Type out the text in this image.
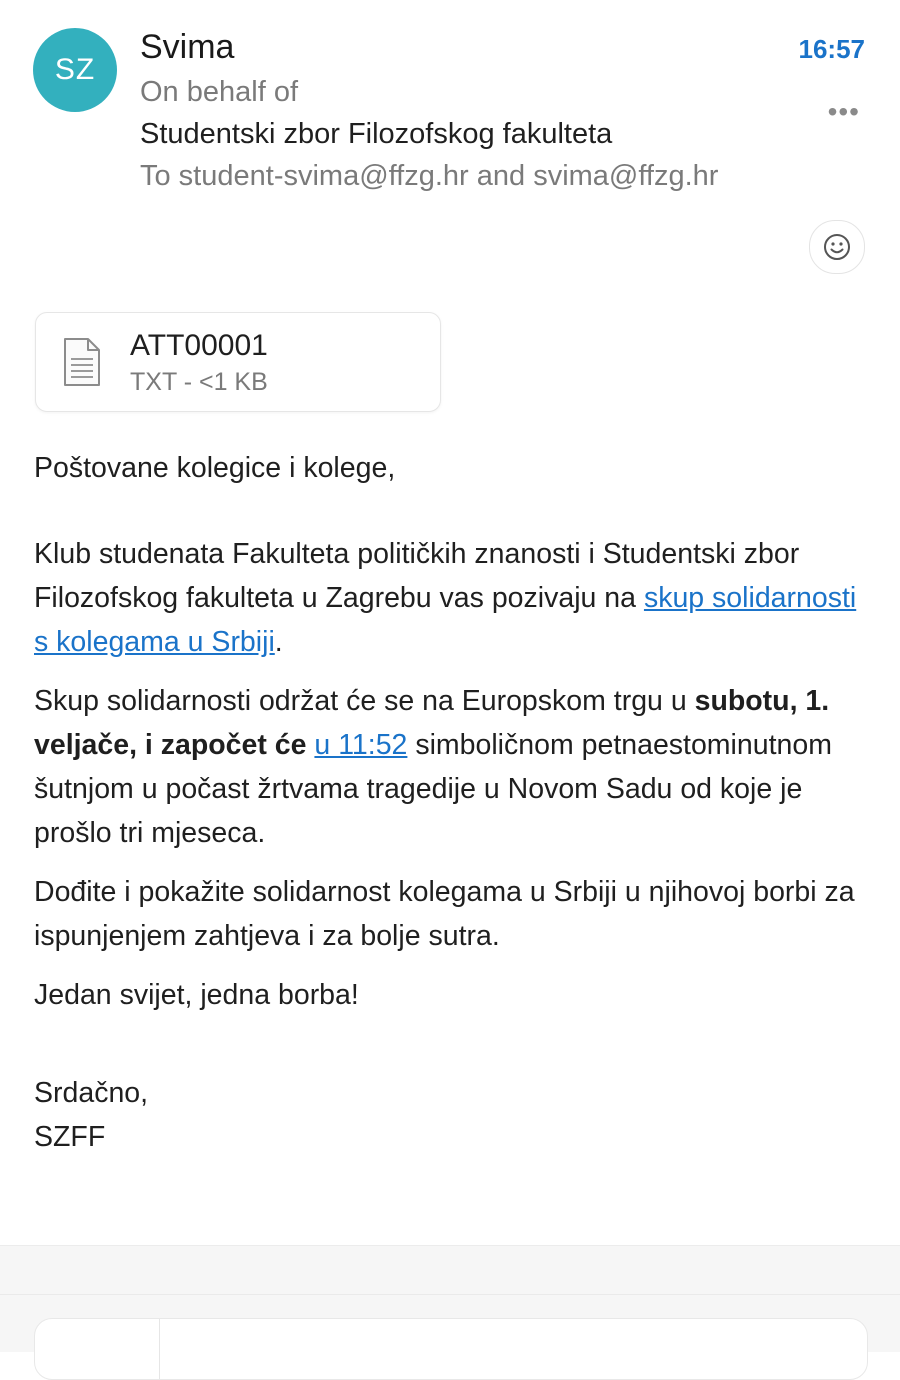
SZ
Svima	16:57
On behalf of
Studentski zbor Filozofskog fakulteta
To student-svima@ffzg.hr and svima@ffzg.hr
•••
ATT00001
TXT - <1 KB

Poštovane kolegice i kolege,

Klub studenata Fakulteta političkih znanosti i Studentski zbor Filozofskog fakulteta u Zagrebu vas pozivaju na skup solidarnosti s kolegama u Srbiji.

Skup solidarnosti održat će se na Europskom trgu u subotu, 1. veljače, i započet će u 11:52 simboličnom petnaestominutnom šutnjom u počast žrtvama tragedije u Novom Sadu od koje je prošlo tri mjeseca.

Dođite i pokažite solidarnost kolegama u Srbiji u njihovoj borbi za ispunjenjem zahtjeva i za bolje sutra.

Jedan svijet, jedna borba!

Srdačno,

SZFF
